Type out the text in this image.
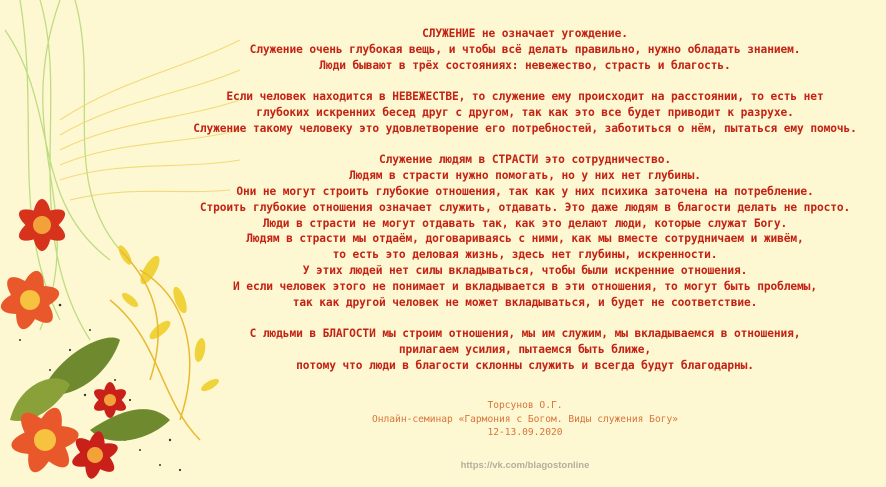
СЛУЖЕНИЕ не означает угождение.
Служение очень глубокая вещь, и чтобы всё делать правильно, нужно обладать знанием.
Люди бывают в трёх состояниях: невежество, страсть и благость.
Если человек находится в НЕВЕЖЕСТВЕ, то служение ему происходит на расстоянии, то есть нет
глубоких искренних бесед друг с другом, так как это все будет приводит к разрухе.
Служение такому человеку это удовлетворение его потребностей, заботиться о нём, пытаться ему помочь.
Служение людям в СТРАСТИ это сотрудничество.
Людям в страсти нужно помогать, но у них нет глубины.
Они не могут строить глубокие отношения, так как у них психика заточена на потребление.
Строить глубокие отношения означает служить, отдавать. Это даже людям в благости делать не просто.
Люди в страсти не могут отдавать так, как это делают люди, которые служат Богу.
Людям в страсти мы отдаём, договариваясь с ними, как мы вместе сотрудничаем и живём,
то есть это деловая жизнь, здесь нет глубины, искренности.
У этих людей нет силы вкладываться, чтобы были искренние отношения.
И если человек этого не понимает и вкладывается в эти отношения, то могут быть проблемы,
так как другой человек не может вкладываться, и будет не соответствие.
С людьми в БЛАГОСТИ мы строим отношения, мы им служим, мы вкладываемся в отношения,
прилагаем усилия, пытаемся быть ближе,
потому что люди в благости склонны служить и всегда будут благодарны.
Торсунов О.Г.
Онлайн-семинар «Гармония с Богом. Виды служения Богу»
12-13.09.2020
https://vk.com/blagostonline
